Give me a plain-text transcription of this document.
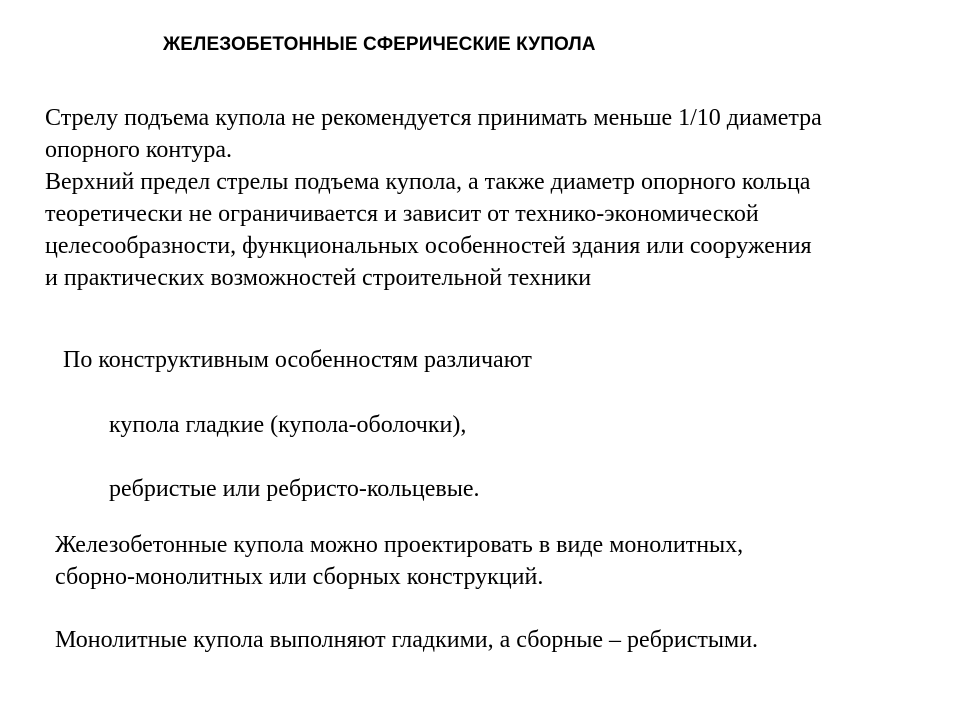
ЖЕЛЕЗОБЕТОННЫЕ СФЕРИЧЕСКИЕ КУПОЛА
Стрелу подъема купола не рекомендуется принимать меньше 1/10 диаметра
опорного контура.
Верхний предел стрелы подъема купола, а также диаметр опорного кольца
теоретически не ограничивается и зависит от технико-экономической
целесообразности, функциональных особенностей здания или сооружения
и практических возможностей строительной техники
По конструктивным особенностям различают
купола гладкие (купола-оболочки),
ребристые или ребристо-кольцевые.
Железобетонные купола можно проектировать в виде монолитных,
сборно-монолитных или сборных конструкций.
Монолитные купола выполняют гладкими, а сборные – ребристыми.
